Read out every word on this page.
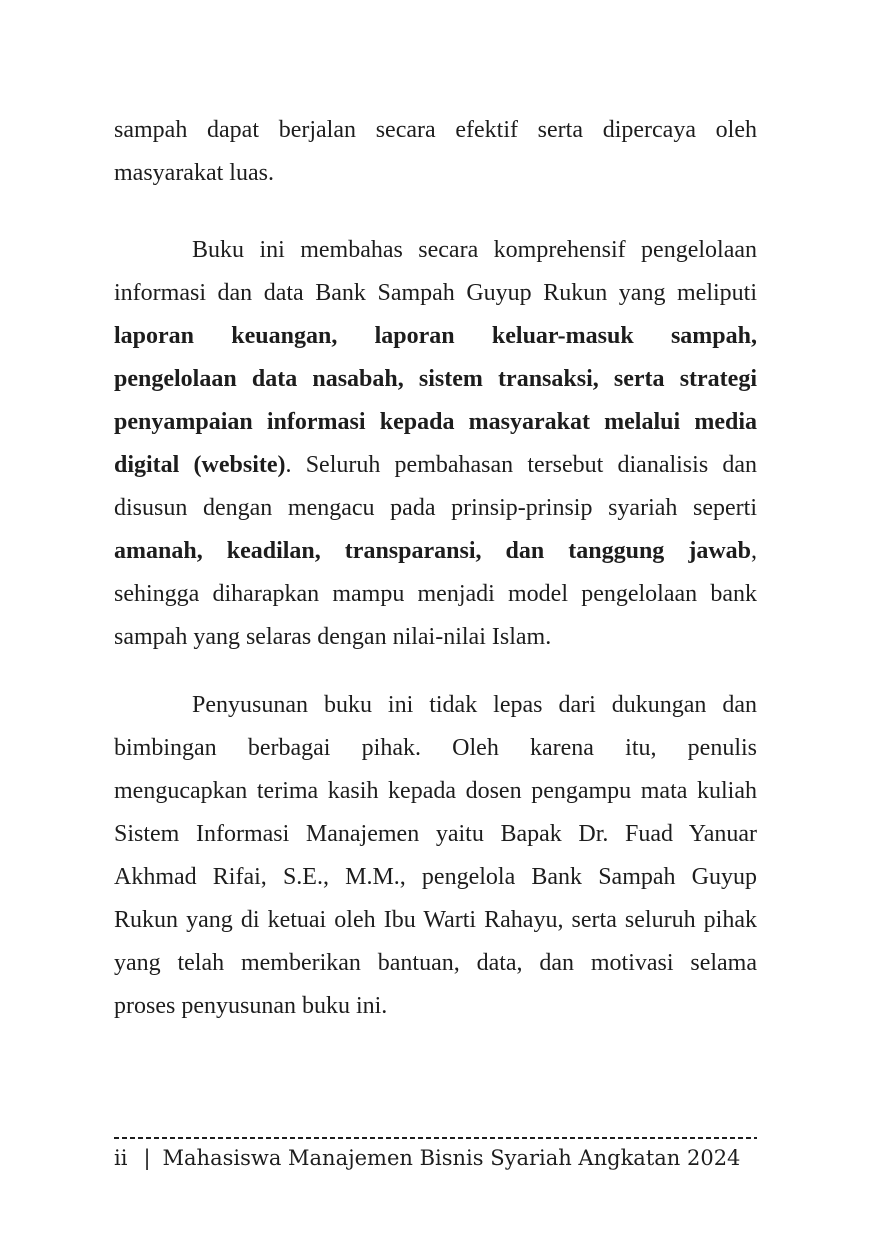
sampah dapat berjalan secara efektif serta dipercaya oleh
masyarakat luas.
Buku ini membahas secara komprehensif pengelolaan
informasi dan data Bank Sampah Guyup Rukun yang meliputi
laporan keuangan, laporan keluar-masuk sampah,
pengelolaan data nasabah, sistem transaksi, serta strategi
penyampaian informasi kepada masyarakat melalui media
digital (website). Seluruh pembahasan tersebut dianalisis dan
disusun dengan mengacu pada prinsip-prinsip syariah seperti
amanah, keadilan, transparansi, dan tanggung jawab,
sehingga diharapkan mampu menjadi model pengelolaan bank
sampah yang selaras dengan nilai-nilai Islam.
Penyusunan buku ini tidak lepas dari dukungan dan
bimbingan berbagai pihak. Oleh karena itu, penulis
mengucapkan terima kasih kepada dosen pengampu mata kuliah
Sistem Informasi Manajemen yaitu Bapak Dr. Fuad Yanuar
Akhmad Rifai, S.E., M.M., pengelola Bank Sampah Guyup
Rukun yang di ketuai oleh Ibu Warti Rahayu, serta seluruh pihak
yang telah memberikan bantuan, data, dan motivasi selama
proses penyusunan buku ini.
ii | Mahasiswa Manajemen Bisnis Syariah Angkatan 2024
